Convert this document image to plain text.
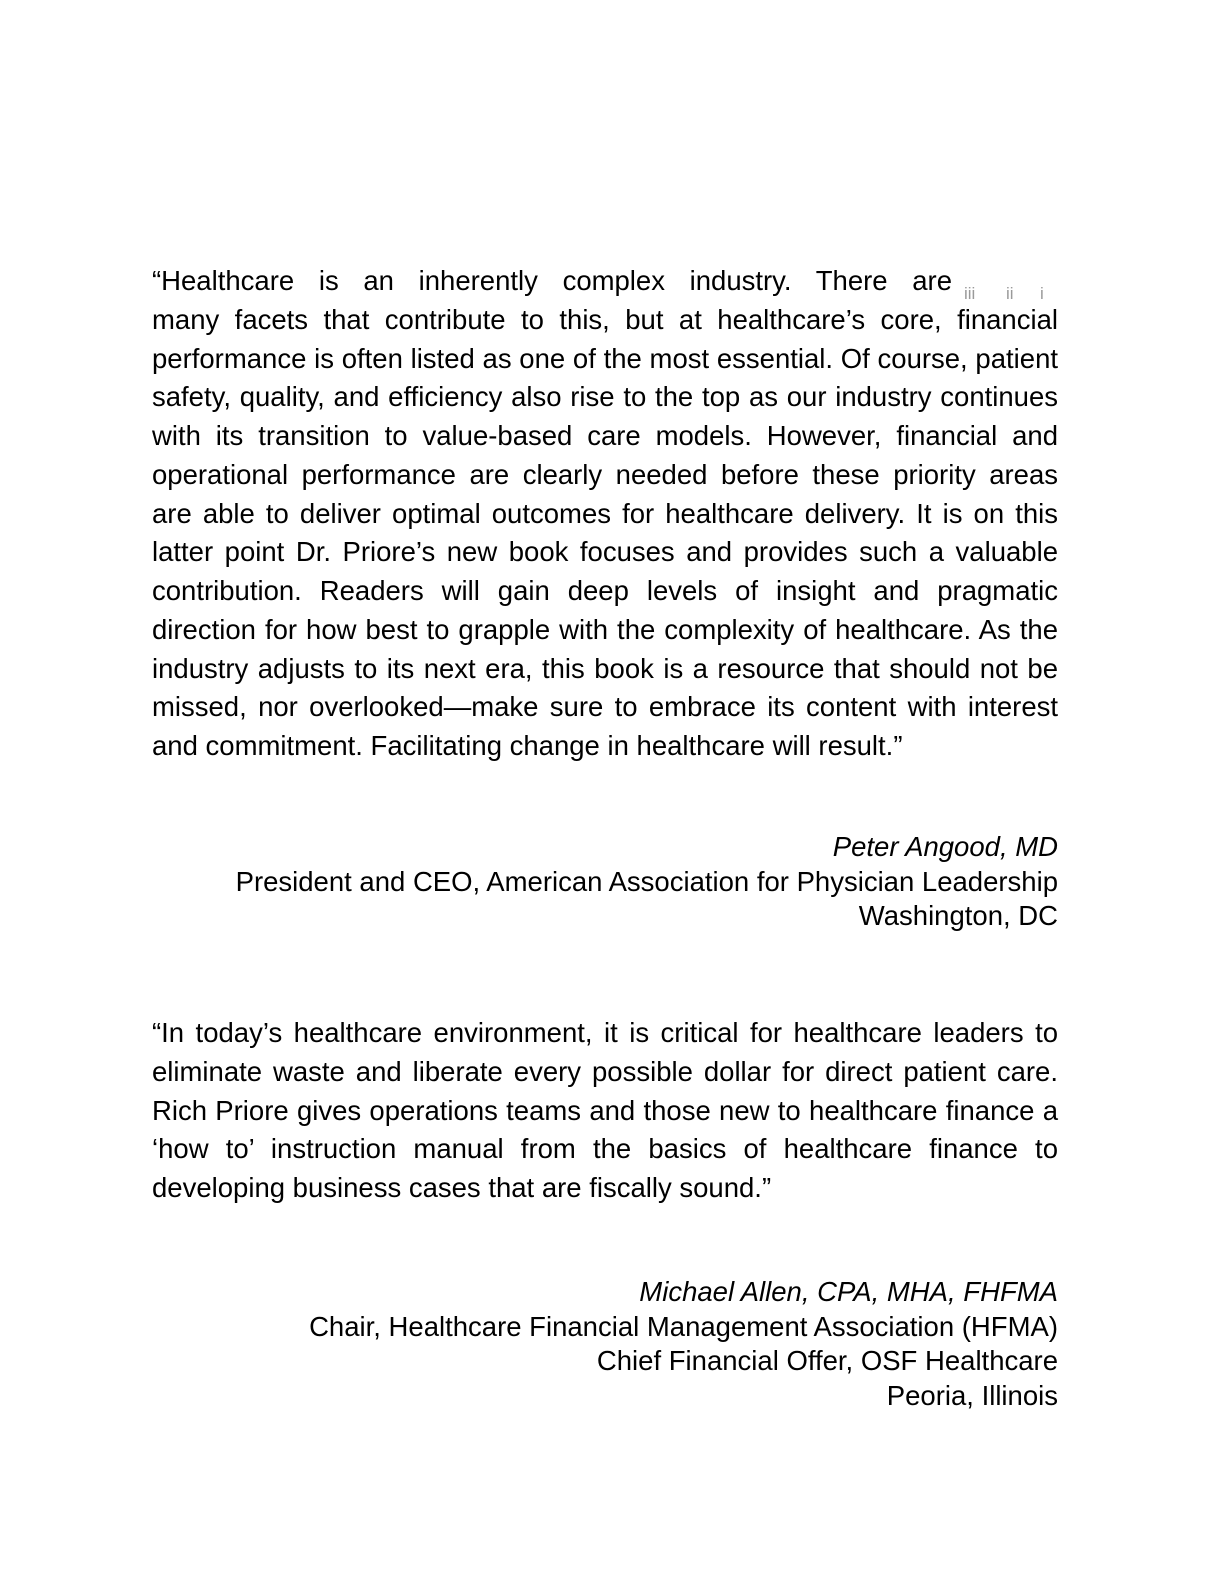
iii ii i

“Healthcare is an inherently complex industry. There are
many facets that contribute to this, but at healthcare’s core, financial performance is often listed as one of the most essential. Of course, patient safety, quality, and efficiency also rise to the top as our industry continues with its transition to value-based care models. However, financial and operational performance are clearly needed before these priority areas are able to deliver optimal outcomes for healthcare delivery. It is on this latter point Dr. Priore’s new book focuses and provides such a valuable contribution. Readers will gain deep levels of insight and pragmatic direction for how best to grapple with the complexity of healthcare. As the industry adjusts to its next era, this book is a resource that should not be missed, nor overlooked—make sure to embrace its content with interest and commitment. Facilitating change in healthcare will result.”

Peter Angood, MD
President and CEO, American Association for Physician Leadership
Washington, DC

“In today’s healthcare environment, it is critical for healthcare leaders to eliminate waste and liberate every possible dollar for direct patient care. Rich Priore gives operations teams and those new to healthcare finance a ‘how to’ instruction manual from the basics of healthcare finance to developing business cases that are fiscally sound.”

Michael Allen, CPA, MHA, FHFMA
Chair, Healthcare Financial Management Association (HFMA)
Chief Financial Offer, OSF Healthcare
Peoria, Illinois
